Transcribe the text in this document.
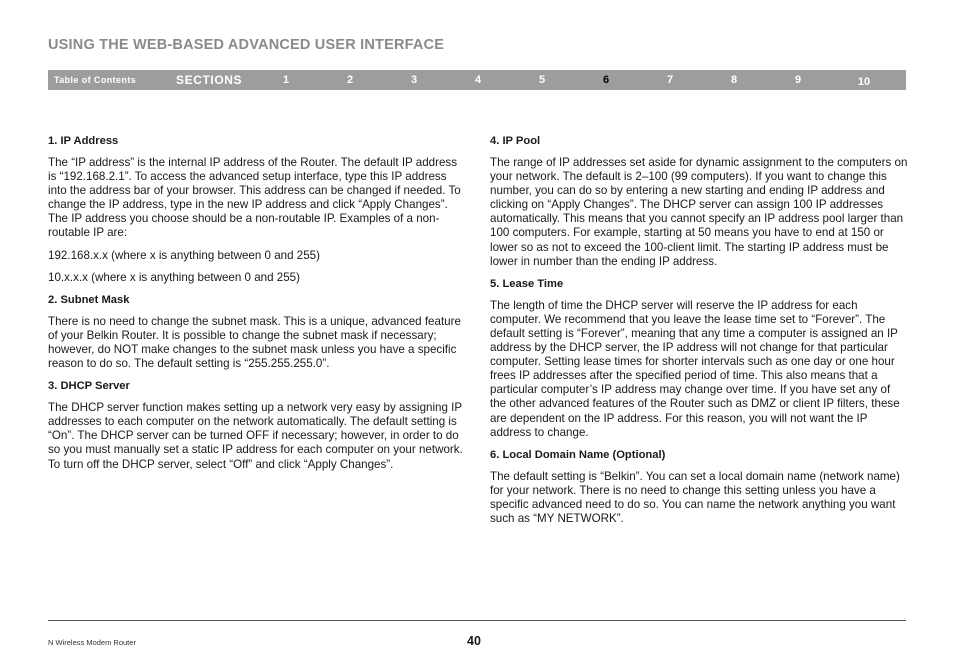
USING THE WEB-BASED ADVANCED USER INTERFACE
Table of Contents	SECTIONS	1	2	3	4	5	6	7	8	9	10
1. IP Address

The “IP address” is the internal IP address of the Router. The default IP address is “192.168.2.1”. To access the advanced setup interface, type this IP address into the address bar of your browser. This address can be changed if needed. To change the IP address, type in the new IP address and click “Apply Changes”. The IP address you choose should be a non-routable IP. Examples of a non-routable IP are:

192.168.x.x (where x is anything between 0 and 255)

10.x.x.x (where x is anything between 0 and 255)

2. Subnet Mask

There is no need to change the subnet mask. This is a unique, advanced feature of your Belkin Router. It is possible to change the subnet mask if necessary; however, do NOT make changes to the subnet mask unless you have a specific reason to do so. The default setting is “255.255.255.0”.

3. DHCP Server

The DHCP server function makes setting up a network very easy by assigning IP addresses to each computer on the network automatically. The default setting is “On”. The DHCP server can be turned OFF if necessary; however, in order to do so you must manually set a static IP address for each computer on your network. To turn off the DHCP server, select “Off” and click “Apply Changes”.

4. IP Pool

The range of IP addresses set aside for dynamic assignment to the computers on your network. The default is 2–100 (99 computers). If you want to change this number, you can do so by entering a new starting and ending IP address and clicking on “Apply Changes”. The DHCP server can assign 100 IP addresses automatically. This means that you cannot specify an IP address pool larger than 100 computers. For example, starting at 50 means you have to end at 150 or lower so as not to exceed the 100-client limit. The starting IP address must be lower in number than the ending IP address.

5. Lease Time

The length of time the DHCP server will reserve the IP address for each computer. We recommend that you leave the lease time set to “Forever”. The default setting is “Forever”, meaning that any time a computer is assigned an IP address by the DHCP server, the IP address will not change for that particular computer. Setting lease times for shorter intervals such as one day or one hour frees IP addresses after the specified period of time. This also means that a particular computer’s IP address may change over time. If you have set any of the other advanced features of the Router such as DMZ or client IP filters, these are dependent on the IP address. For this reason, you will not want the IP address to change.

6. Local Domain Name (Optional)

The default setting is “Belkin”. You can set a local domain name (network name) for your network. There is no need to change this setting unless you have a specific advanced need to do so. You can name the network anything you want such as “MY NETWORK”.

N Wireless Modem Router	40
